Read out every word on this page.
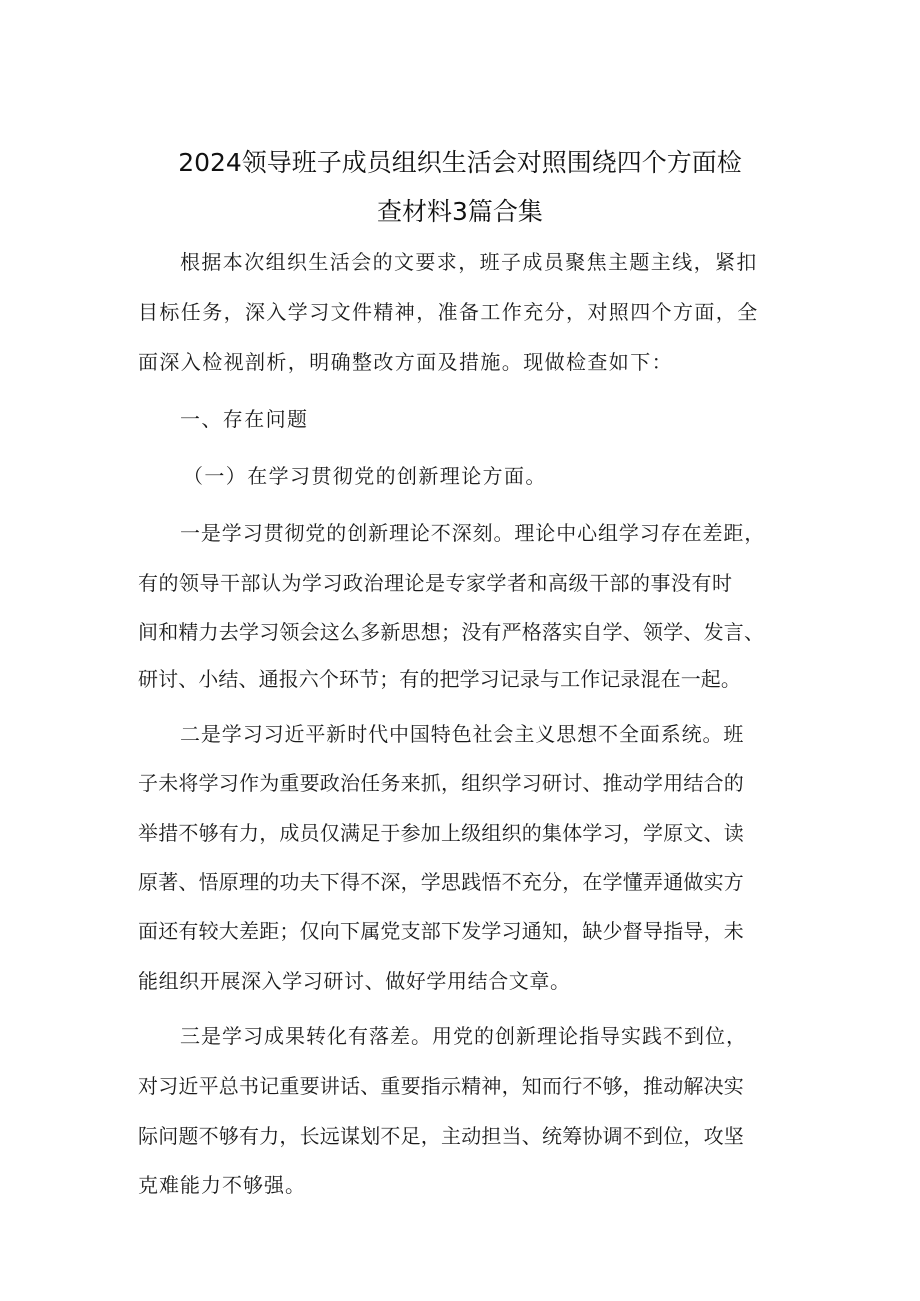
2024领导班子成员组织生活会对照围绕四个方面检
查材料3篇合集
根据本次组织生活会的文要求，班子成员聚焦主题主线，紧扣
目标任务，深入学习文件精神，准备工作充分，对照四个方面，全
面深入检视剖析，明确整改方面及措施。现做检查如下：
一、存在问题
（一）在学习贯彻党的创新理论方面。
一是学习贯彻党的创新理论不深刻。理论中心组学习存在差距，
有的领导干部认为学习政治理论是专家学者和高级干部的事没有时
间和精力去学习领会这么多新思想；没有严格落实自学、领学、发言、
研讨、小结、通报六个环节；有的把学习记录与工作记录混在一起。
二是学习习近平新时代中国特色社会主义思想不全面系统。班
子未将学习作为重要政治任务来抓，组织学习研讨、推动学用结合的
举措不够有力，成员仅满足于参加上级组织的集体学习，学原文、读
原著、悟原理的功夫下得不深，学思践悟不充分，在学懂弄通做实方
面还有较大差距；仅向下属党支部下发学习通知，缺少督导指导，未
能组织开展深入学习研讨、做好学用结合文章。
三是学习成果转化有落差。用党的创新理论指导实践不到位，
对习近平总书记重要讲话、重要指示精神，知而行不够，推动解决实
际问题不够有力，长远谋划不足，主动担当、统筹协调不到位，攻坚
克难能力不够强。
